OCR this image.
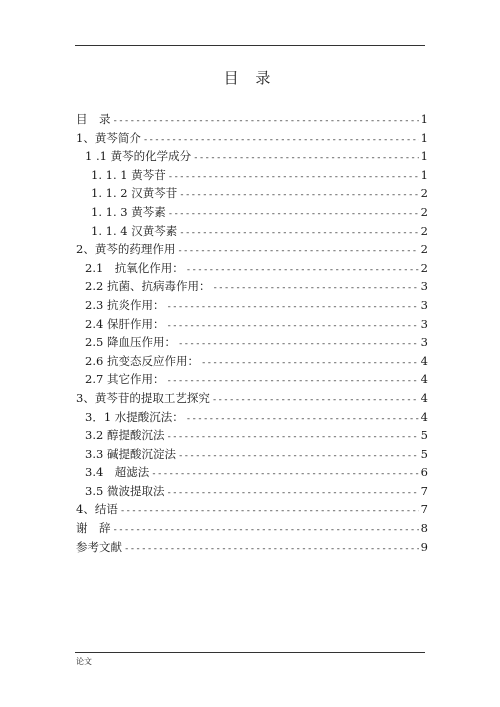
目 录
目　录 -----	1
1、黄芩简介 -----	1
1 .1 黄芩的化学成分 -----	1
1. 1. 1 黄芩苷 -----	1
1. 1. 2 汉黄芩苷 -----	2
1. 1. 3 黄芩素 -----	2
1. 1. 4 汉黄芩素 -----	2
2、黄芩的药理作用 -----	2
2.1　抗氧化作用： -----	2
2.2 抗菌、抗病毒作用： -----	3
2.3 抗炎作用： -----	3
2.4 保肝作用： -----	3
2.5 降血压作用： -----	3
2.6 抗变态反应作用： -----	4
2.7 其它作用： -----	4
3、黄芩苷的提取工艺探究 -----	4
3．1 水提酸沉法： -----	4
3.2 醇提酸沉法 -----	5
3.3 碱提酸沉淀法 -----	5
3.4　超滤法 -----	6
3.5 微波提取法 -----	7
4、结语 -----	7
谢　辞 -----	8
参考文献 -----	9
论文
